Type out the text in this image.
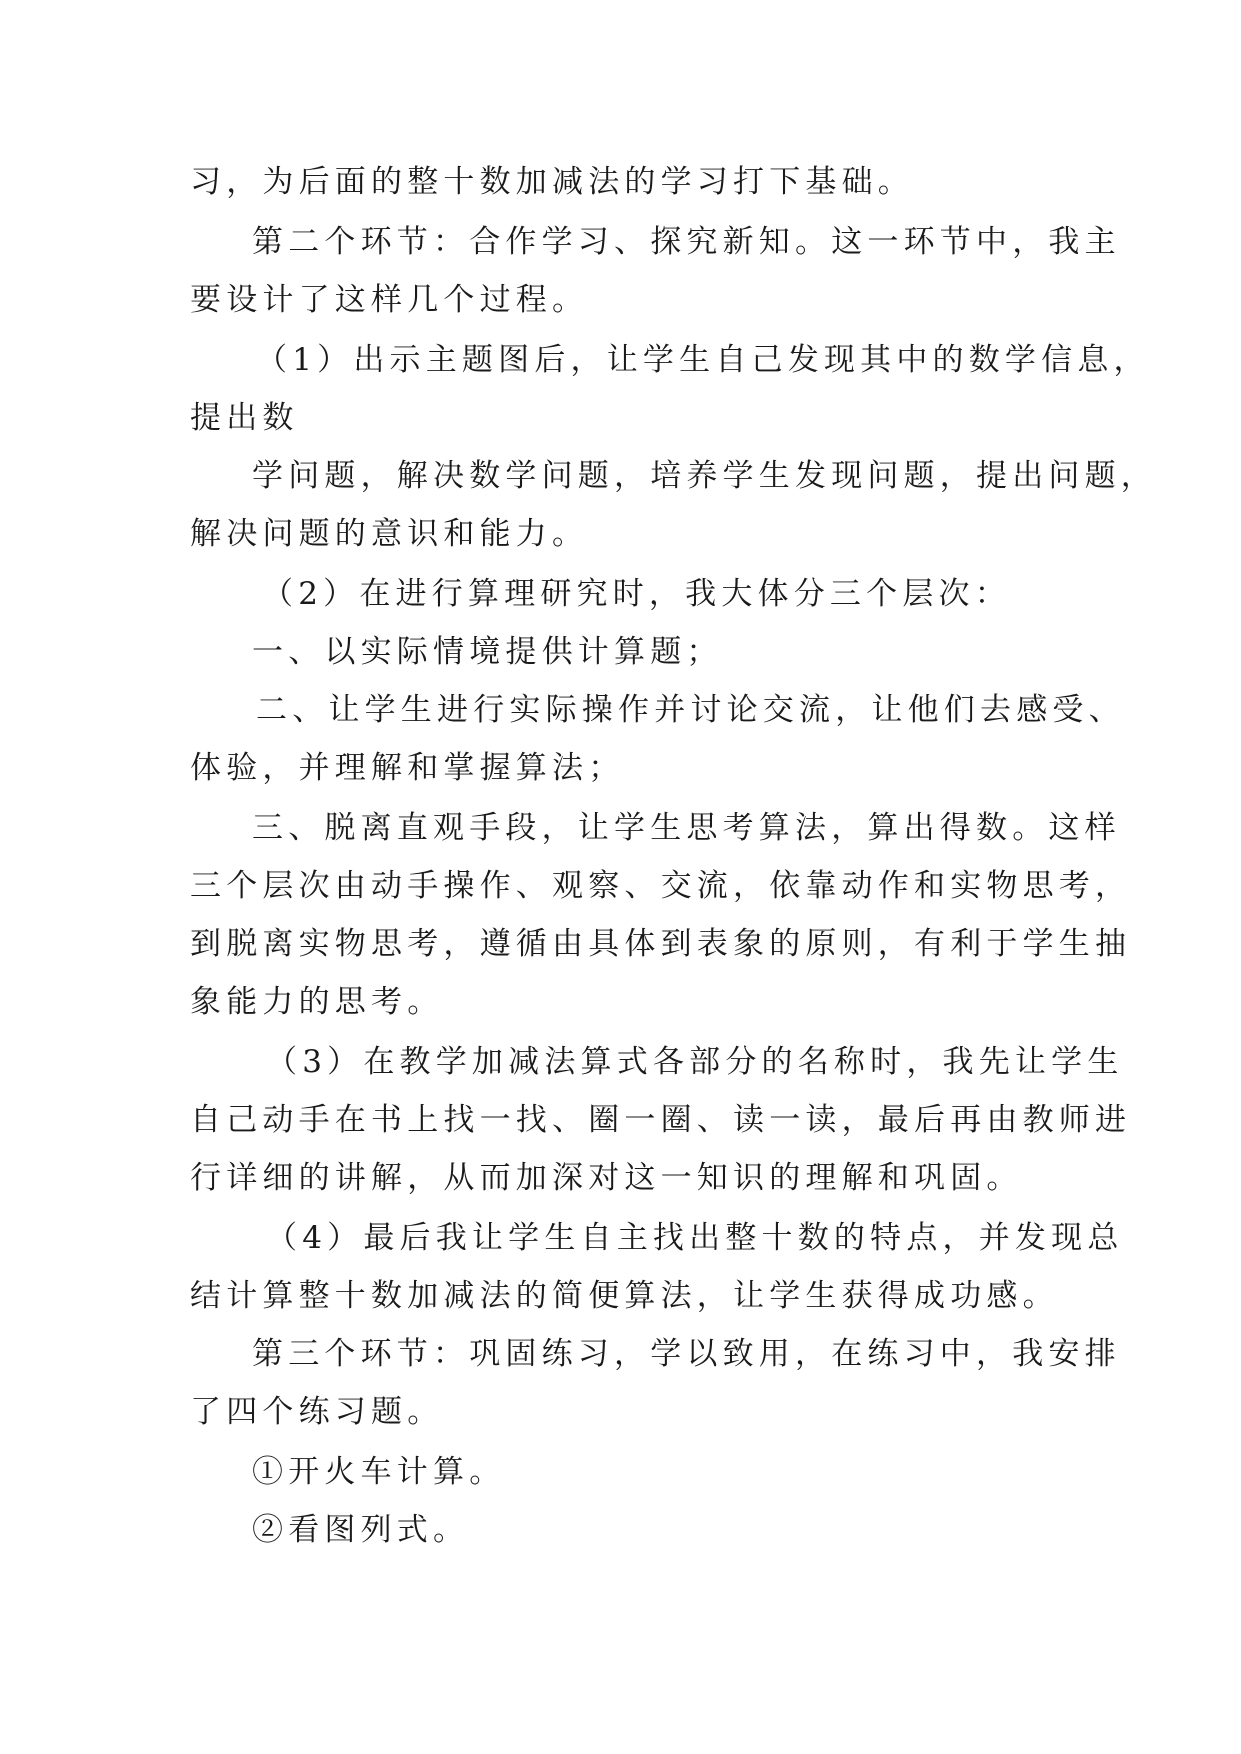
习，为后面的整十数加减法的学习打下基础。
第二个环节：合作学习、探究新知。这一环节中，我主
要设计了这样几个过程。
（1）出示主题图后，让学生自己发现其中的数学信息，
提出数
学问题，解决数学问题，培养学生发现问题，提出问题，
解决问题的意识和能力。
（2）在进行算理研究时，我大体分三个层次：
一、以实际情境提供计算题；
二、让学生进行实际操作并讨论交流，让他们去感受、
体验，并理解和掌握算法；
三、脱离直观手段，让学生思考算法，算出得数。这样
三个层次由动手操作、观察、交流，依靠动作和实物思考，
到脱离实物思考，遵循由具体到表象的原则，有利于学生抽
象能力的思考。
（3）在教学加减法算式各部分的名称时，我先让学生
自己动手在书上找一找、圈一圈、读一读，最后再由教师进
行详细的讲解，从而加深对这一知识的理解和巩固。
（4）最后我让学生自主找出整十数的特点，并发现总
结计算整十数加减法的简便算法，让学生获得成功感。
第三个环节：巩固练习，学以致用，在练习中，我安排
了四个练习题。
①开火车计算。
②看图列式。
